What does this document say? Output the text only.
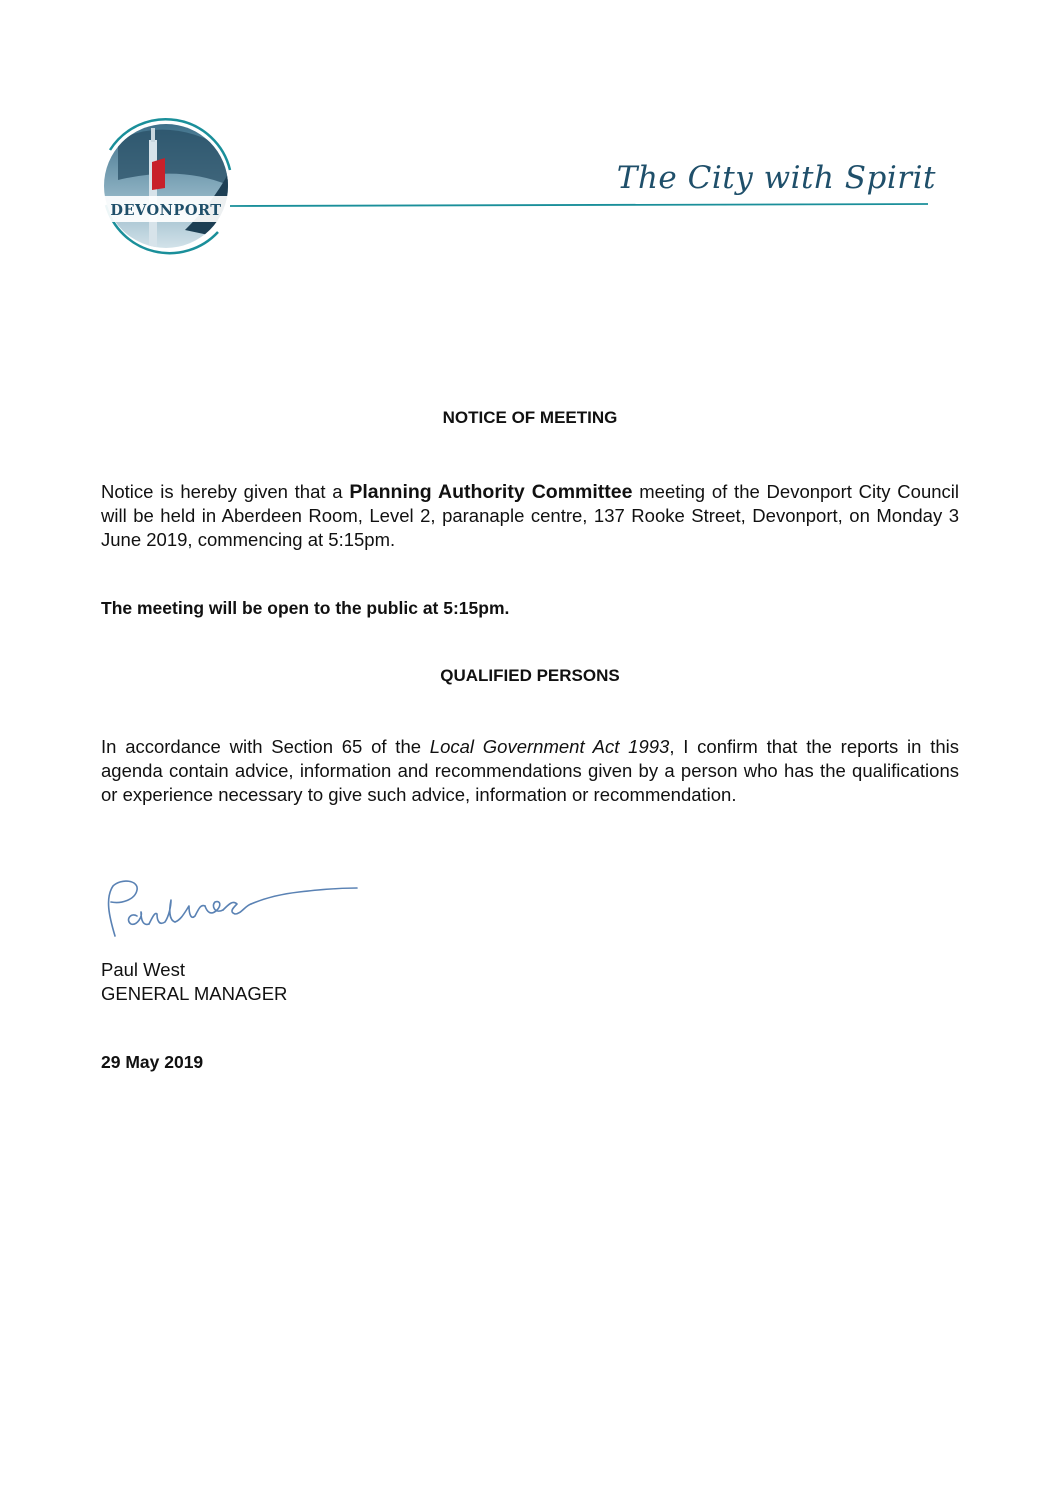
DEVONPORT
The City with Spirit
NOTICE OF MEETING
Notice is hereby given that a Planning Authority Committee meeting of the Devonport City Council will be held in Aberdeen Room, Level 2, paranaple centre, 137 Rooke Street, Devonport, on Monday 3 June 2019, commencing at 5:15pm.
The meeting will be open to the public at 5:15pm.
QUALIFIED PERSONS
In accordance with Section 65 of the Local Government Act 1993, I confirm that the reports in this agenda contain advice, information and recommendations given by a person who has the qualifications or experience necessary to give such advice, information or recommendation.
Paul West
GENERAL MANAGER
29 May 2019
